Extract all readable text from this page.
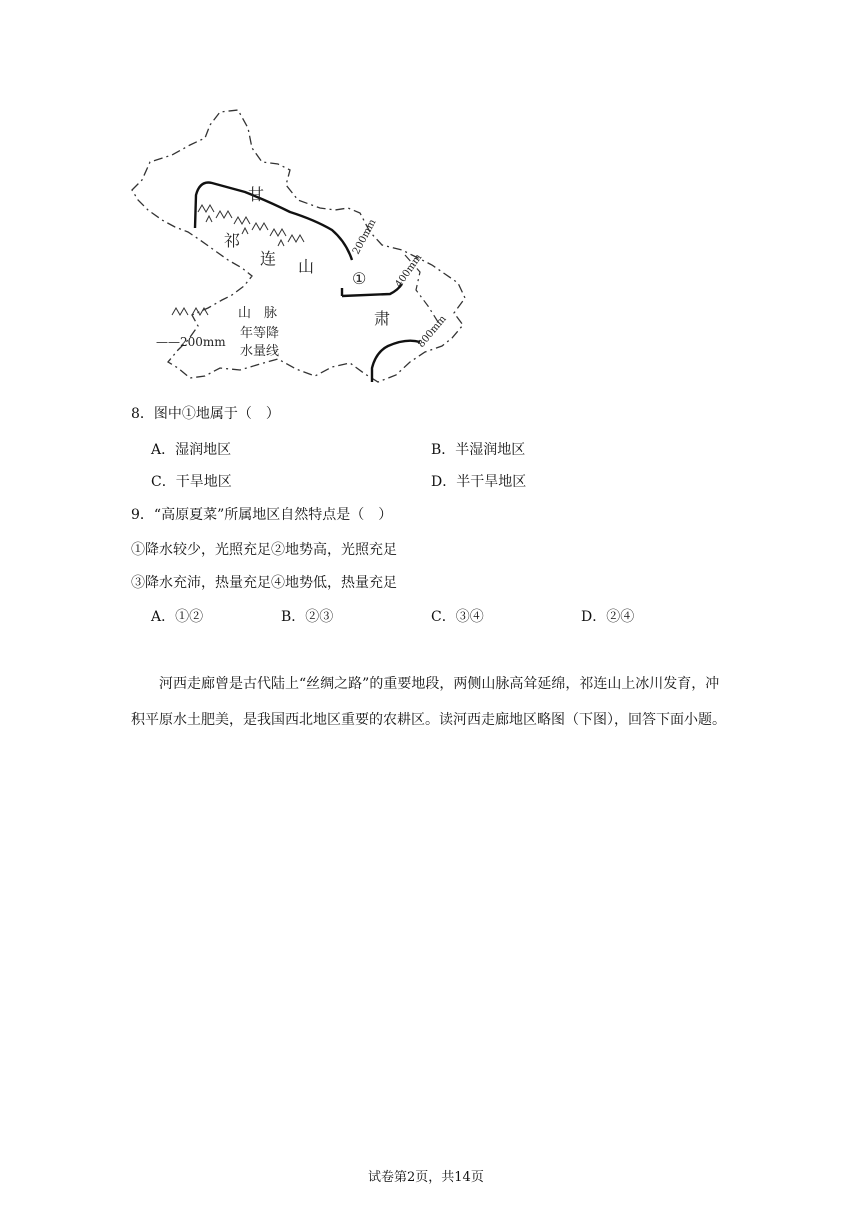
甘
祁
连 山
肃
①
200mm
400mm
800mm
山　脉
——200mm
年等降
水量线
8．图中①地属于（　）
A．湿润地区	B．半湿润地区
C．干旱地区	D．半干旱地区
9．“高原夏菜”所属地区自然特点是（　）
①降水较少，光照充足②地势高，光照充足
③降水充沛，热量充足④地势低，热量充足
A．①②	B．②③	C．③④	D．②④
河西走廊曾是古代陆上“丝绸之路”的重要地段，两侧山脉高耸延绵，祁连山上冰川发育，冲积平原水土肥美，是我国西北地区重要的农耕区。读河西走廊地区略图（下图），回答下面小题。
试卷第2页，共14页
